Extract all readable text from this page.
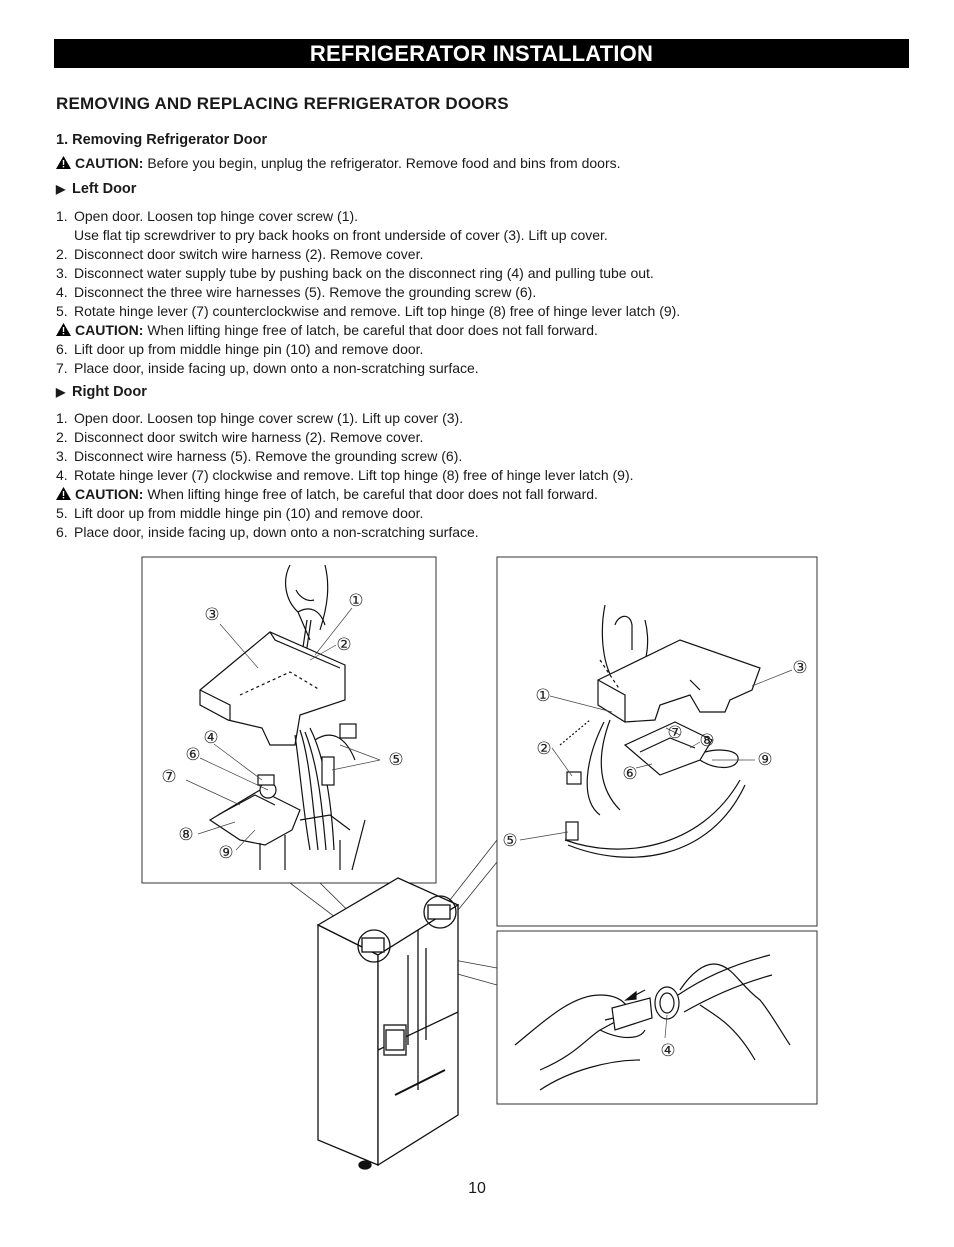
REFRIGERATOR INSTALLATION
REMOVING AND REPLACING REFRIGERATOR DOORS
1. Removing Refrigerator Door
CAUTION: Before you begin, unplug the refrigerator. Remove food and bins from doors.
▶ Left Door
1. Open door. Loosen top hinge cover screw (1).
Use flat tip screwdriver to pry back hooks on front underside of cover (3). Lift up cover.
2. Disconnect door switch wire harness (2). Remove cover.
3. Disconnect water supply tube by pushing back on the disconnect ring (4) and pulling tube out.
4. Disconnect the three wire harnesses (5). Remove the grounding screw (6).
5. Rotate hinge lever (7) counterclockwise and remove. Lift top hinge (8) free of hinge lever latch (9).
CAUTION: When lifting hinge free of latch, be careful that door does not fall forward.
6. Lift door up from middle hinge pin (10) and remove door.
7. Place door, inside facing up, down onto a non-scratching surface.
▶ Right Door
1. Open door. Loosen top hinge cover screw (1). Lift up cover (3).
2. Disconnect door switch wire harness (2). Remove cover.
3. Disconnect wire harness (5). Remove the grounding screw (6).
4. Rotate hinge lever (7) clockwise and remove. Lift top hinge (8) free of hinge lever latch (9).
CAUTION: When lifting hinge free of latch, be careful that door does not fall forward.
5. Lift door up from middle hinge pin (10) and remove door.
6. Place door, inside facing up, down onto a non-scratching surface.
①
②
③
④
⑤
⑥
⑦
⑧
⑨
①
②
③
⑤
⑥
⑦ ⑧
⑨
④
10
